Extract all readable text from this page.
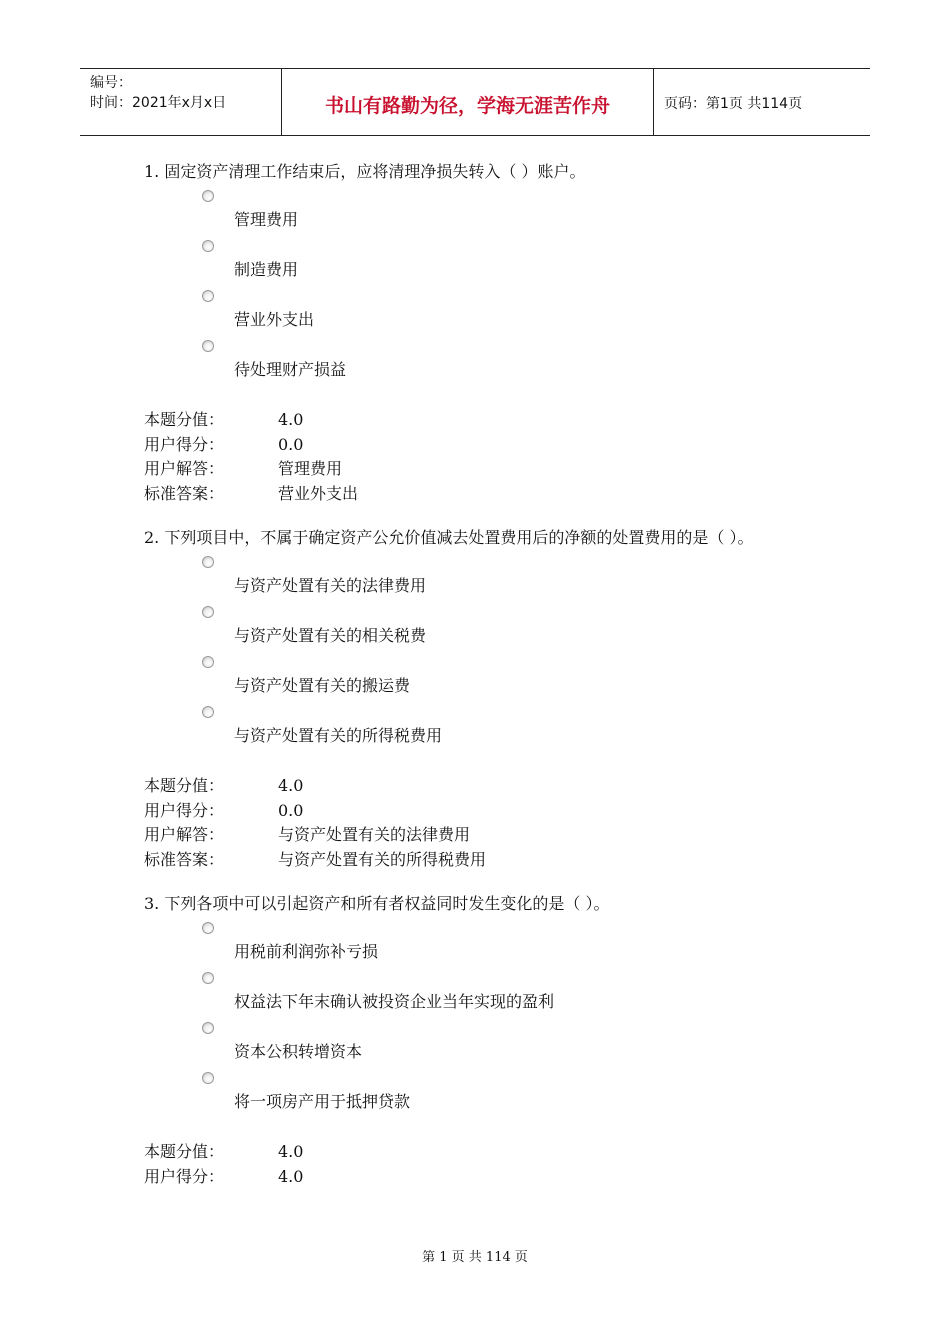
编号：
时间：2021年x月x日	书山有路勤为径，学海无涯苦作舟	页码：第1页 共114页
1. 固定资产清理工作结束后，应将清理净损失转入（ ）账户。
管理费用
制造费用
营业外支出
待处理财产损益
本题分值：	4.0
用户得分：	0.0
用户解答：	管理费用
标准答案：	营业外支出
2. 下列项目中，不属于确定资产公允价值减去处置费用后的净额的处置费用的是（ ）。
与资产处置有关的法律费用
与资产处置有关的相关税费
与资产处置有关的搬运费
与资产处置有关的所得税费用
本题分值：	4.0
用户得分：	0.0
用户解答：	与资产处置有关的法律费用
标准答案：	与资产处置有关的所得税费用
3. 下列各项中可以引起资产和所有者权益同时发生变化的是（ ）。
用税前利润弥补亏损
权益法下年末确认被投资企业当年实现的盈利
资本公积转增资本
将一项房产用于抵押贷款
本题分值：	4.0
用户得分：	4.0
第 1 页 共 114 页
